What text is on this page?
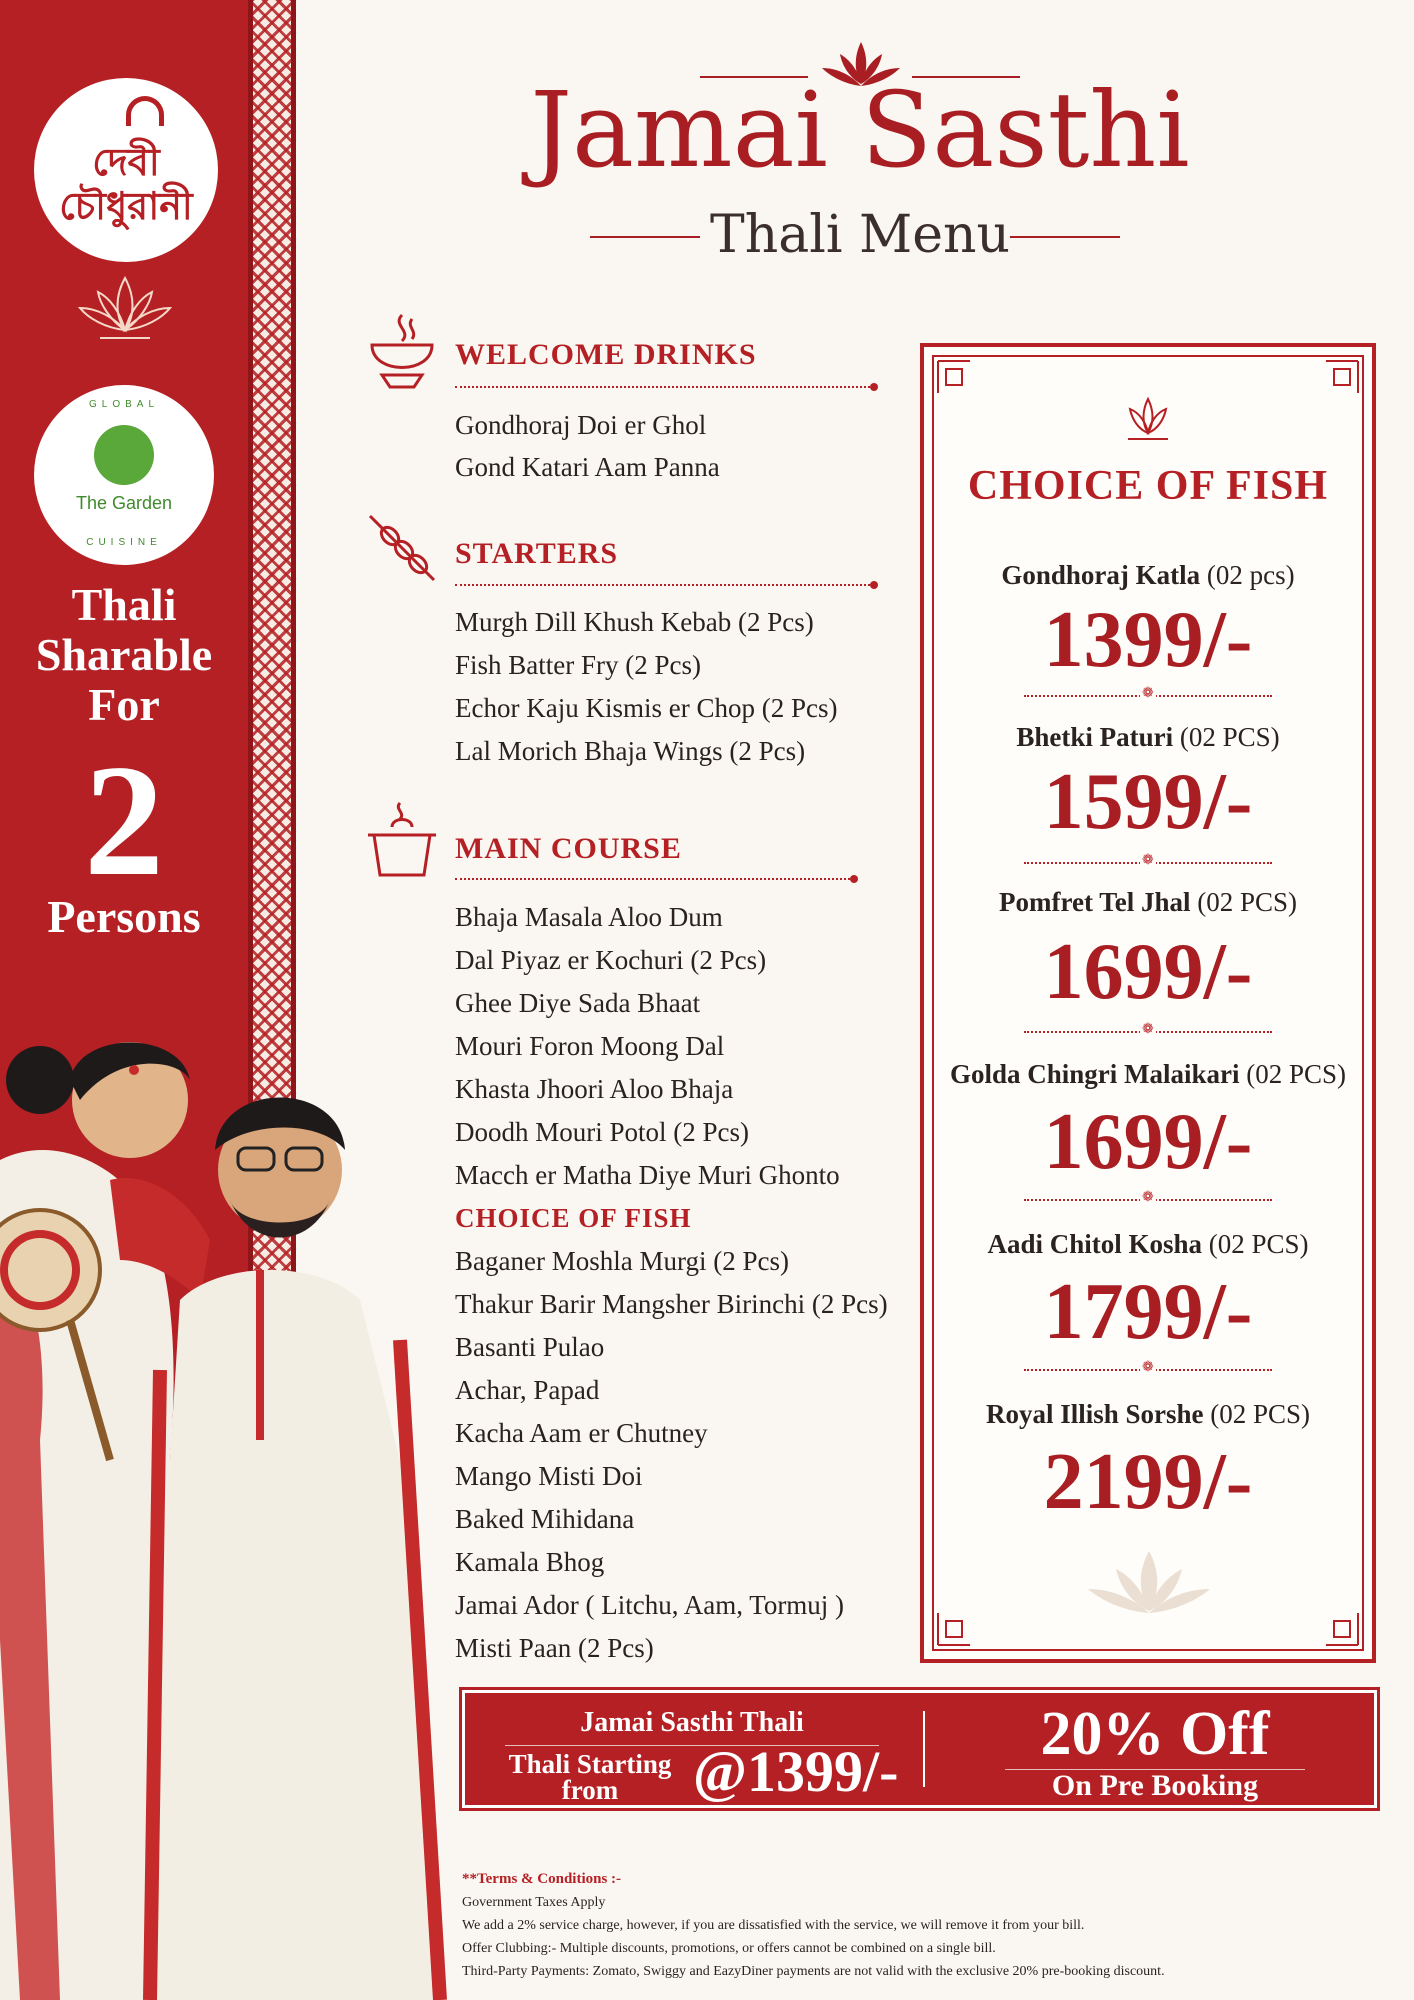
দেবী চৌধুরানী
GLOBAL
The Garden
CUISINE
Thali
Sharable
For
2
Persons
Jamai Sasthi
Thali Menu
WELCOME DRINKS
Gondhoraj Doi er Ghol
Gond Katari Aam Panna
STARTERS
Murgh Dill Khush Kebab (2 Pcs)
Fish Batter Fry (2 Pcs)
Echor Kaju Kismis er Chop (2 Pcs)
Lal Morich Bhaja Wings (2 Pcs)
MAIN COURSE
Bhaja Masala Aloo Dum
Dal Piyaz er Kochuri (2 Pcs)
Ghee Diye Sada Bhaat
Mouri Foron Moong Dal
Khasta Jhoori Aloo Bhaja
Doodh Mouri Potol (2 Pcs)
Macch er Matha Diye Muri Ghonto
CHOICE OF FISH
Baganer Moshla Murgi (2 Pcs)
Thakur Barir Mangsher Birinchi (2 Pcs)
Basanti Pulao
Achar, Papad
Kacha Aam er Chutney
Mango Misti Doi
Baked Mihidana
Kamala Bhog
Jamai Ador ( Litchu, Aam, Tormuj )
Misti Paan (2 Pcs)
CHOICE OF FISH
Gondhoraj Katla (02 pcs)
1399/-
❁
Bhetki Paturi (02 PCS)
1599/-
❁
Pomfret Tel Jhal (02 PCS)
1699/-
❁
Golda Chingri Malaikari (02 PCS)
1699/-
❁
Aadi Chitol Kosha (02 PCS)
1799/-
❁
Royal Illish Sorshe (02 PCS)
2199/-
Jamai Sasthi Thali
Thali Starting
from	@1399/-
20% Off
On Pre Booking
**Terms & Conditions :-
Government Taxes Apply
We add a 2% service charge, however, if you are dissatisfied with the service, we will remove it from your bill.
Offer Clubbing:- Multiple discounts, promotions, or offers cannot be combined on a single bill.
Third-Party Payments: Zomato, Swiggy and EazyDiner payments are not valid with the exclusive 20% pre-booking discount.
